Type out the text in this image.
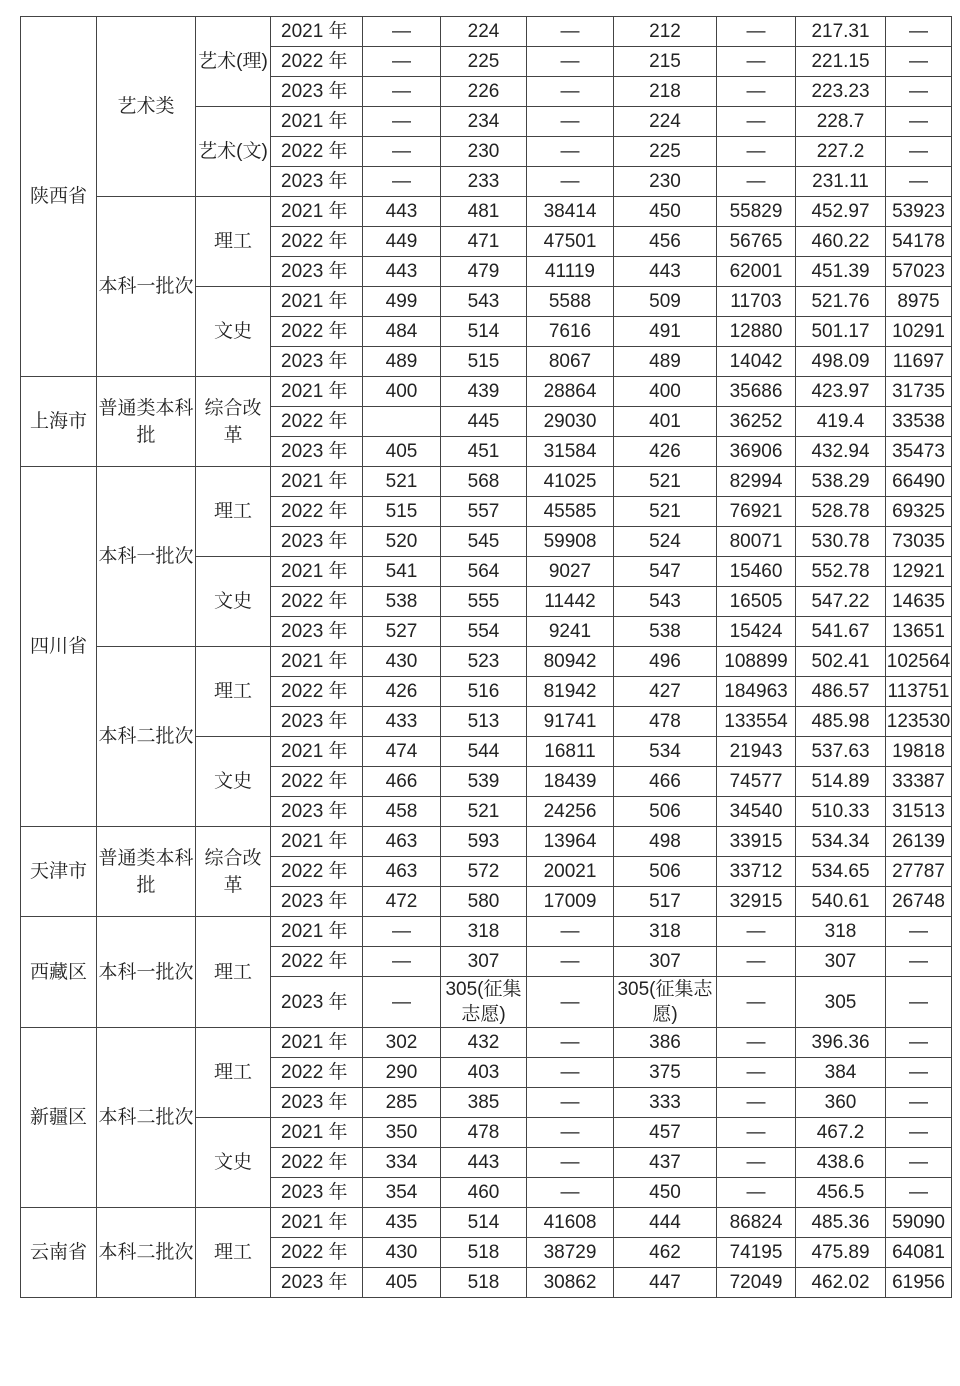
陕西省	艺术类	艺术(理)	2021 年	—	224	—	212	—	217.31	—
			2022 年	—	225	—	215	—	221.15	—
			2023 年	—	226	—	218	—	223.23	—
		艺术(文)	2021 年	—	234	—	224	—	228.7	—
			2022 年	—	230	—	225	—	227.2	—
			2023 年	—	233	—	230	—	231.11	—
	本科一批次	理工	2021 年	443	481	38414	450	55829	452.97	53923
			2022 年	449	471	47501	456	56765	460.22	54178
			2023 年	443	479	41119	443	62001	451.39	57023
		文史	2021 年	499	543	5588	509	11703	521.76	8975
			2022 年	484	514	7616	491	12880	501.17	10291
			2023 年	489	515	8067	489	14042	498.09	11697
上海市	普通类本科批	综合改革	2021 年	400	439	28864	400	35686	423.97	31735
			2022 年		445	29030	401	36252	419.4	33538
			2023 年	405	451	31584	426	36906	432.94	35473
四川省	本科一批次	理工	2021 年	521	568	41025	521	82994	538.29	66490
			2022 年	515	557	45585	521	76921	528.78	69325
			2023 年	520	545	59908	524	80071	530.78	73035
		文史	2021 年	541	564	9027	547	15460	552.78	12921
			2022 年	538	555	11442	543	16505	547.22	14635
			2023 年	527	554	9241	538	15424	541.67	13651
	本科二批次	理工	2021 年	430	523	80942	496	108899	502.41	102564
			2022 年	426	516	81942	427	184963	486.57	113751
			2023 年	433	513	91741	478	133554	485.98	123530
		文史	2021 年	474	544	16811	534	21943	537.63	19818
			2022 年	466	539	18439	466	74577	514.89	33387
			2023 年	458	521	24256	506	34540	510.33	31513
天津市	普通类本科批	综合改革	2021 年	463	593	13964	498	33915	534.34	26139
			2022 年	463	572	20021	506	33712	534.65	27787
			2023 年	472	580	17009	517	32915	540.61	26748
西藏区	本科一批次	理工	2021 年	—	318	—	318	—	318	—
			2022 年	—	307	—	307	—	307	—
			2023 年	—	305(征集志愿)	—	305(征集志愿)	—	305	—
新疆区	本科二批次	理工	2021 年	302	432	—	386	—	396.36	—
			2022 年	290	403	—	375	—	384	—
			2023 年	285	385	—	333	—	360	—
		文史	2021 年	350	478	—	457	—	467.2	—
			2022 年	334	443	—	437	—	438.6	—
			2023 年	354	460	—	450	—	456.5	—
云南省	本科二批次	理工	2021 年	435	514	41608	444	86824	485.36	59090
			2022 年	430	518	38729	462	74195	475.89	64081
			2023 年	405	518	30862	447	72049	462.02	61956
